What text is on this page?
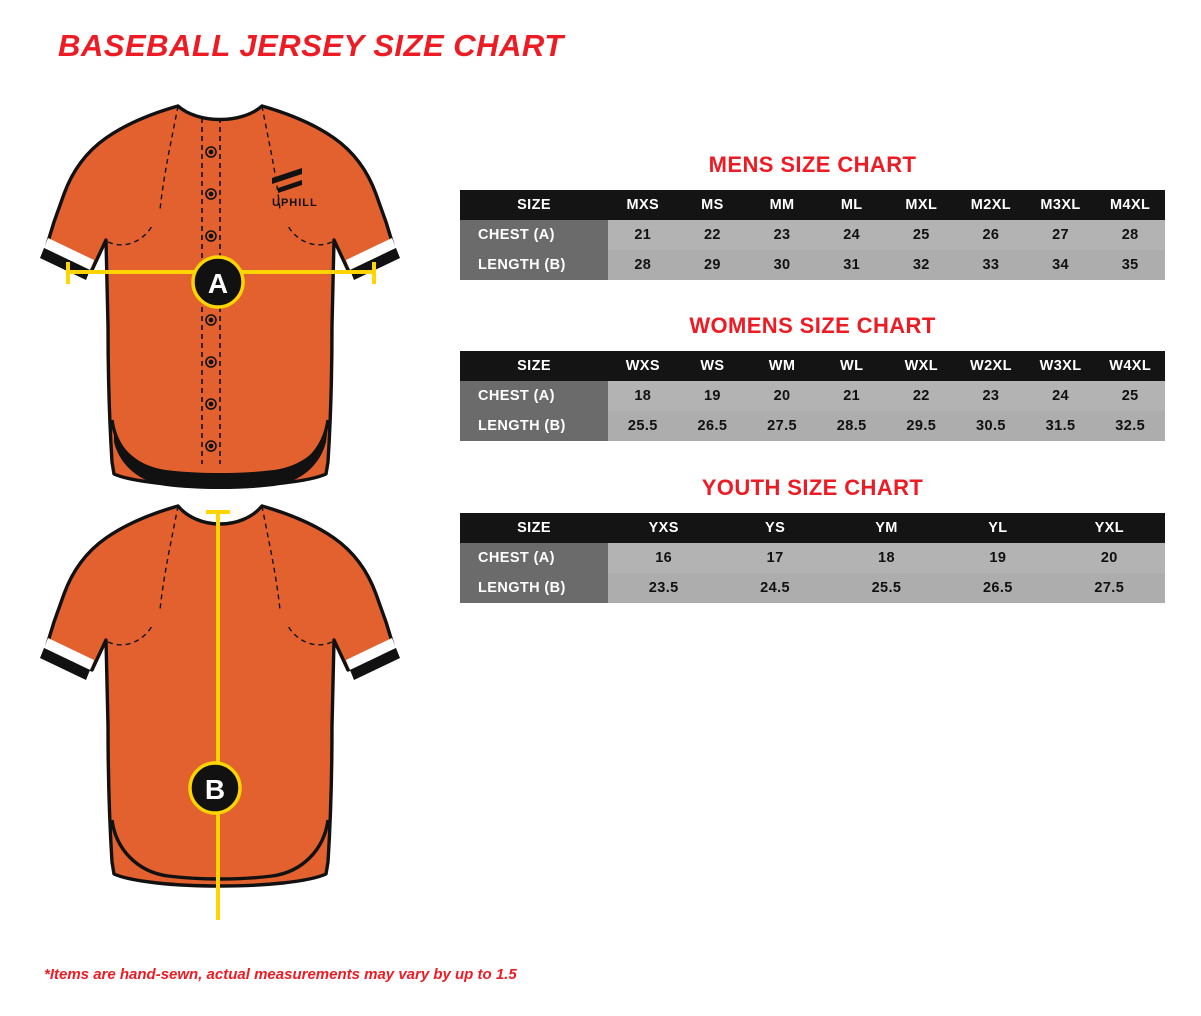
BASEBALL JERSEY SIZE CHART
UPHILL
A
B
MENS SIZE CHART
SIZE	MXS	MS	MM	ML	MXL	M2XL	M3XL	M4XL
CHEST (A)	21	22	23	24	25	26	27	28
LENGTH (B)	28	29	30	31	32	33	34	35
WOMENS SIZE CHART
SIZE	WXS	WS	WM	WL	WXL	W2XL	W3XL	W4XL
CHEST (A)	18	19	20	21	22	23	24	25
LENGTH (B)	25.5	26.5	27.5	28.5	29.5	30.5	31.5	32.5
YOUTH SIZE CHART
SIZE	YXS	YS	YM	YL	YXL
CHEST (A)	16	17	18	19	20
LENGTH (B)	23.5	24.5	25.5	26.5	27.5
*Items are hand-sewn, actual measurements may vary by up to 1.5
